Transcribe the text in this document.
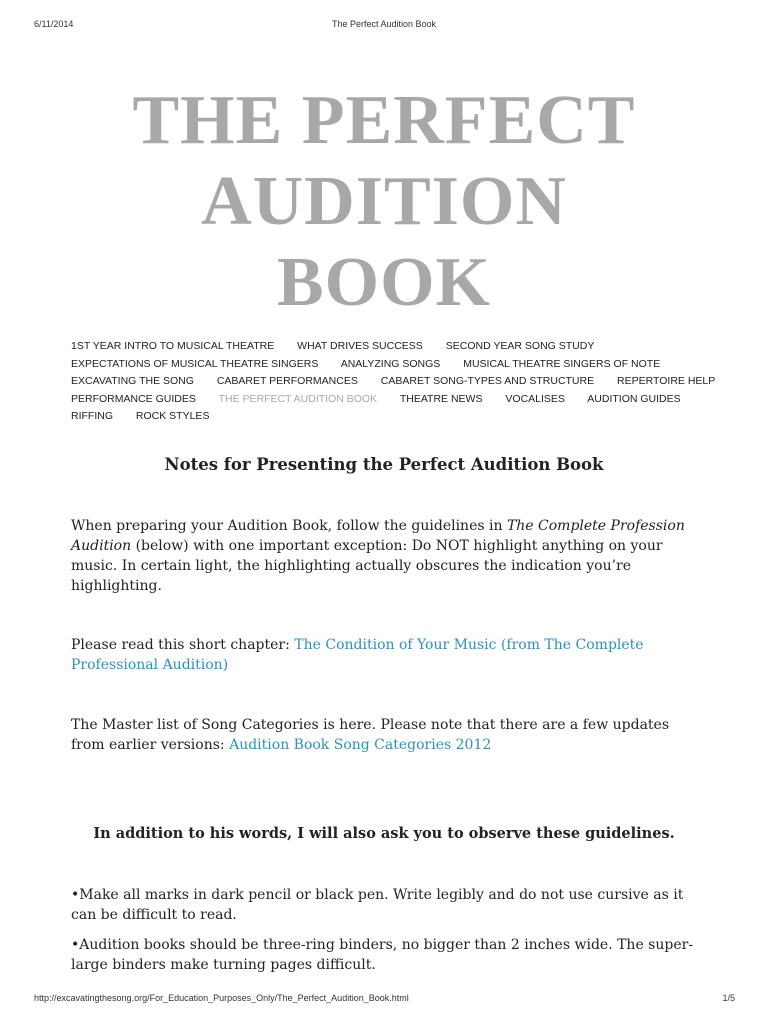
6/11/2014	The Perfect Audition Book
THE PERFECT
AUDITION
BOOK
1ST YEAR INTRO TO MUSICAL THEATRE WHAT DRIVES SUCCESS SECOND YEAR SONG STUDY
EXPECTATIONS OF MUSICAL THEATRE SINGERS ANALYZING SONGS MUSICAL THEATRE SINGERS OF NOTE
EXCAVATING THE SONG CABARET PERFORMANCES CABARET SONG-TYPES AND STRUCTURE REPERTOIRE HELP
PERFORMANCE GUIDES THE PERFECT AUDITION BOOK THEATRE NEWS VOCALISES AUDITION GUIDES
RIFFING ROCK STYLES
Notes for Presenting the Perfect Audition Book

When preparing your Audition Book, follow the guidelines in The Complete Profession Audition (below) with one important exception: Do NOT highlight anything on your music. In certain light, the highlighting actually obscures the indication you’re highlighting.

Please read this short chapter: The Condition of Your Music (from The Complete Professional Audition)

The Master list of Song Categories is here. Please note that there are a few updates from earlier versions: Audition Book Song Categories 2012

In addition to his words, I will also ask you to observe these guidelines.

•Make all marks in dark pencil or black pen. Write legibly and do not use cursive as it can be difficult to read.

•Audition books should be three-ring binders, no bigger than 2 inches wide. The super-large binders make turning pages difficult.

http://excavatingthesong.org/For_Education_Purposes_Only/The_Perfect_Audition_Book.html	1/5
